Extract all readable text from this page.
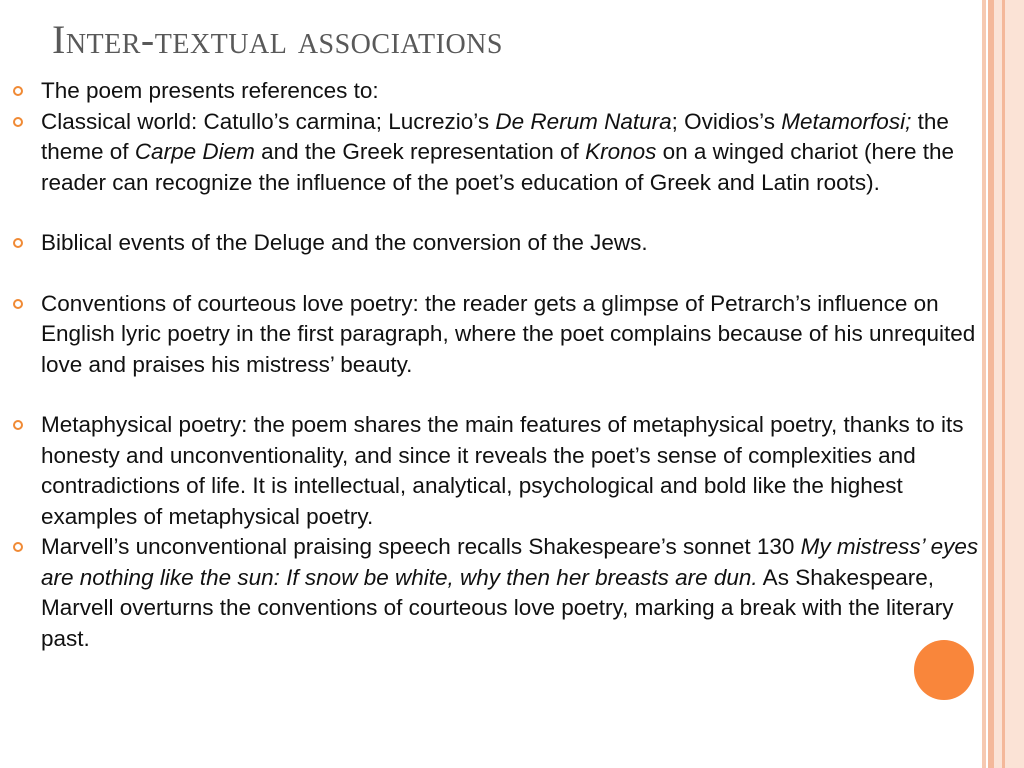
Inter-textual associations

The poem presents references to:

Classical world: Catullo’s carmina; Lucrezio’s De Rerum Natura; Ovidios’s Metamorfosi; the theme of Carpe Diem and the Greek representation of Kronos on a winged chariot (here the reader can recognize the influence of the poet’s education of Greek and Latin roots).

Biblical events of the Deluge and the conversion of the Jews.

Conventions of courteous love poetry: the reader gets a glimpse of Petrarch’s influence on English lyric poetry in the first paragraph, where the poet complains because of his unrequited love and praises his mistress’ beauty.

Metaphysical poetry: the poem shares the main features of metaphysical poetry, thanks to its honesty and unconventionality, and since it reveals the poet’s sense of complexities and contradictions of life. It is intellectual, analytical, psychological and bold like the highest examples of metaphysical poetry.

Marvell’s unconventional praising speech recalls Shakespeare’s sonnet 130 My mistress’ eyes are nothing like the sun: If snow be white, why then her breasts are dun. As Shakespeare, Marvell overturns the conventions of courteous love poetry, marking a break with the literary past.
